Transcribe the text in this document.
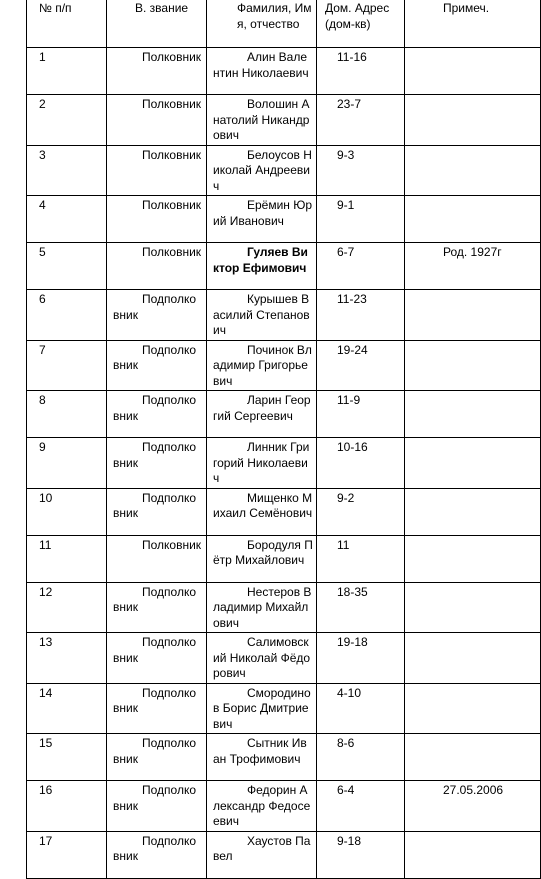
№ п/п	В. звание	Фамилия, Имя, отчество	Дом. Адрес (дом-кв)	Примеч.
1	Полковник	Алин Валентин Николаевич	11-16	

2	Полковник	Волошин Анатолий Никандрович	23-7	

3	Полковник	Белоусов Николай Андреевич	9-3	

4	Полковник	Ерёмин Юрий Иванович	9-1	

5	Полковник	Гуляев Виктор Ефимович	6-7	Род. 1927г

6	Подполковник	Курышев Василий Степанович	11-23	

7	Подполковник	Починок Владимир Григорьевич	19-24	

8	Подполковник	Ларин Георгий Сергеевич	11-9	

9	Подполковник	Линник Григорий Николаевич	10-16	

10	Подполковник	Мищенко Михаил Семёнович	9-2	

11	Полковник	Бородуля Пётр Михайлович	11	

12	Подполковник	Нестеров Владимир Михайлович	18-35	

13	Подполковник	Салимовский Николай Фёдорович	19-18	

14	Подполковник	Смородинов Борис Дмитриевич	4-10	

15	Подполковник	Сытник Иван Трофимович	8-6	

16	Подполковник	Федорин Александр Федосеевич	6-4	27.05.2006

17	Подполковник	Хаустов Павел	9-18	
